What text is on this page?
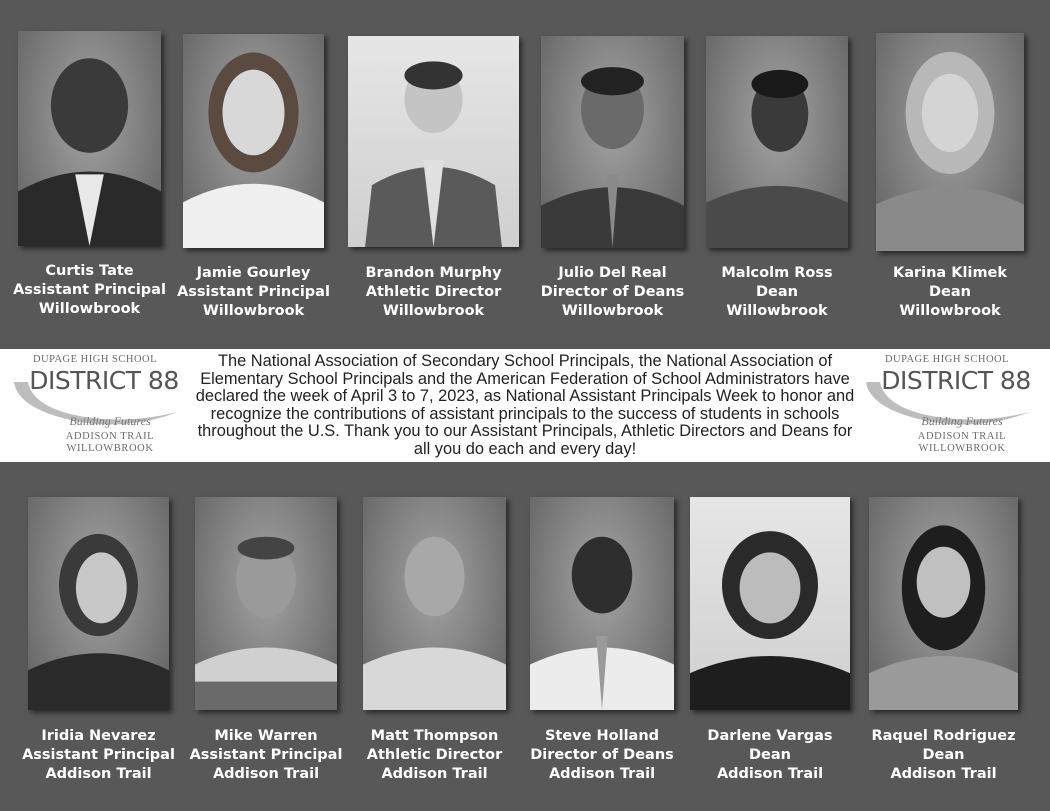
Curtis Tate
Assistant Principal
Willowbrook
Jamie Gourley
Assistant Principal
Willowbrook
Brandon Murphy
Athletic Director
Willowbrook
Julio Del Real
Director of Deans
Willowbrook
Malcolm Ross
Dean
Willowbrook
Karina Klimek
Dean
Willowbrook
DUPAGE HIGH SCHOOL
DISTRICT 88
Building Futures
ADDISON TRAIL
WILLOWBROOK
The National Association of Secondary School Principals, the National Association of Elementary School Principals and the American Federation of School Administrators have declared the week of April 3 to 7, 2023, as National Assistant Principals Week to honor and recognize the contributions of assistant principals to the success of students in schools throughout the U.S. Thank you to our Assistant Principals, Athletic Directors and Deans for all you do each and every day!
DUPAGE HIGH SCHOOL
DISTRICT 88
Building Futures
ADDISON TRAIL
WILLOWBROOK
Iridia Nevarez
Assistant Principal
Addison Trail
Mike Warren
Assistant Principal
Addison Trail
Matt Thompson
Athletic Director
Addison Trail
Steve Holland
Director of Deans
Addison Trail
Darlene Vargas
Dean
Addison Trail
Raquel Rodriguez
Dean
Addison Trail
